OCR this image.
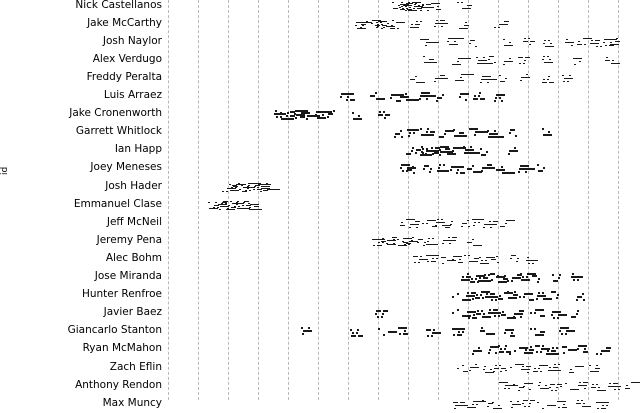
id
Nick Castellanos
Jake McCarthy
Josh Naylor
Alex Verdugo
Freddy Peralta
Luis Arraez
Jake Cronenworth
Garrett Whitlock
Ian Happ
Joey Meneses
Josh Hader
Emmanuel Clase
Jeff McNeil
Jeremy Pena
Alec Bohm
Jose Miranda
Hunter Renfroe
Javier Baez
Giancarlo Stanton
Ryan McMahon
Zach Eflin
Anthony Rendon
Max Muncy
